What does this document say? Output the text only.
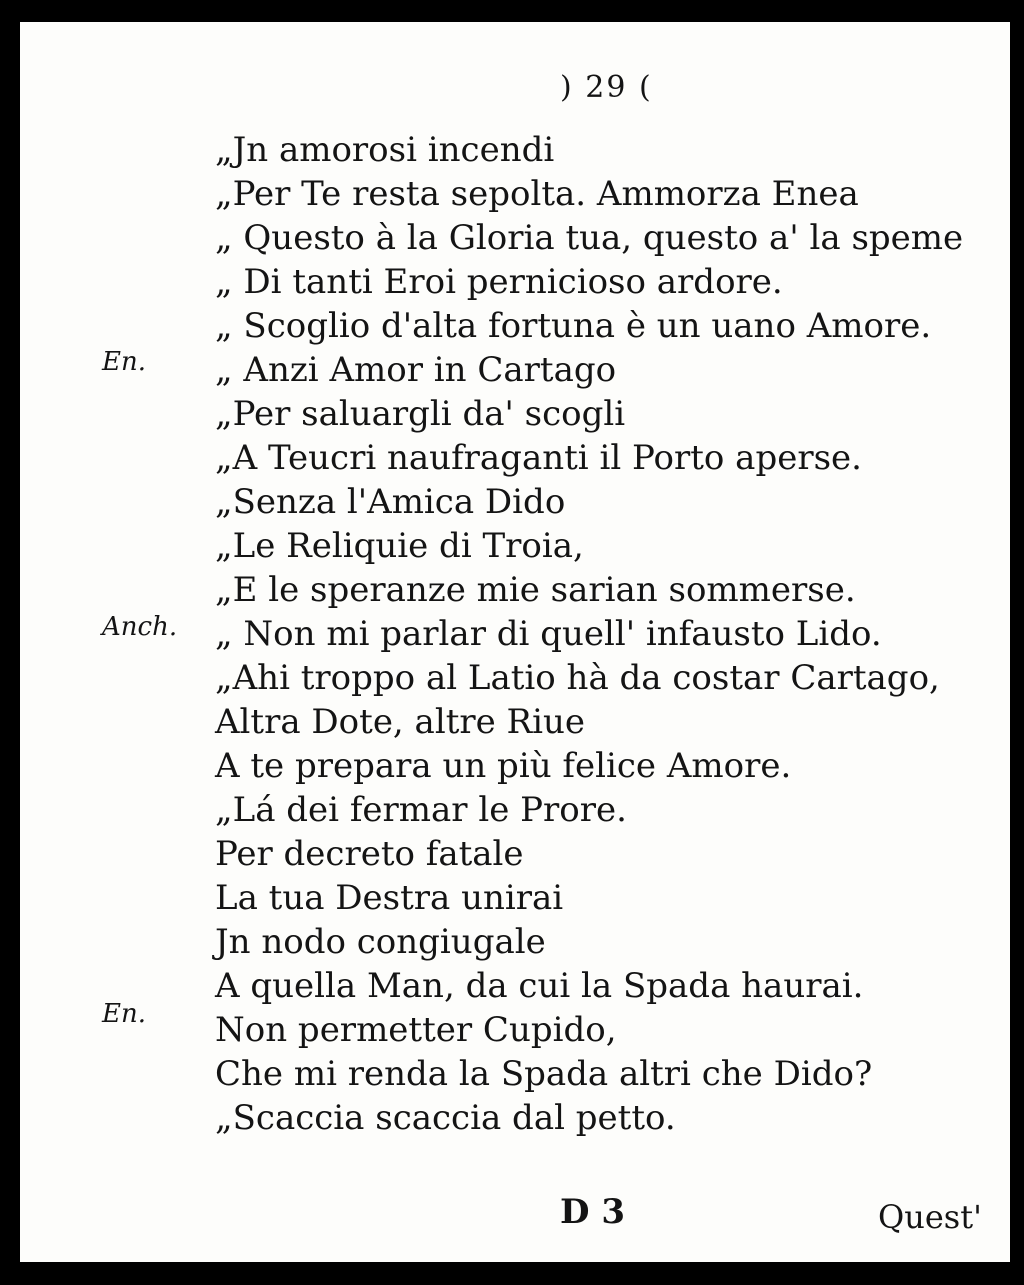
) 29 (
En.
Anch.
En.
„Jn amorosi incendi
„Per Te resta sepolta. Ammorza Enea
„ Questo à la Gloria tua, questo a' la speme
„ Di tanti Eroi pernicioso ardore.
„ Scoglio d'alta fortuna è un uano Amore.
„ Anzi Amor in Cartago
„Per saluargli da' scogli
„A Teucri naufraganti il Porto aperse.
„Senza l'Amica Dido
„Le Reliquie di Troia,
„E le speranze mie sarian sommerse.
„ Non mi parlar di quell' infausto Lido.
„Ahi troppo al Latio hà da costar Cartago,
Altra Dote, altre Riue
A te prepara un più felice Amore.
„Lá dei fermar le Prore.
Per decreto fatale
La tua Destra unirai
Jn nodo congiugale
A quella Man, da cui la Spada haurai.
Non permetter Cupido,
Che mi renda la Spada altri che Dido?
„Scaccia scaccia dal petto.
D 3	Quest'
